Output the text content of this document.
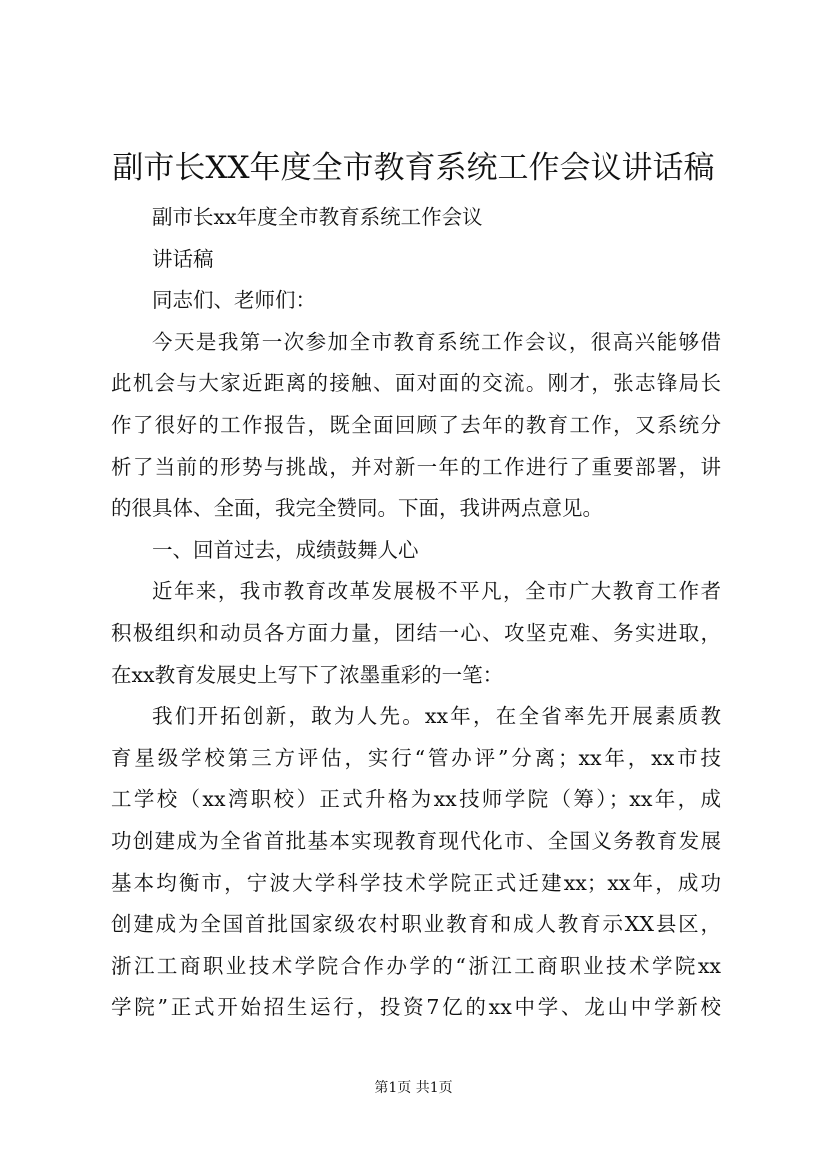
副市长XX年度全市教育系统工作会议讲话稿
副市长xx年度全市教育系统工作会议
讲话稿
同志们、老师们：
今天是我第一次参加全市教育系统工作会议，很高兴能够借
此机会与大家近距离的接触、面对面的交流。刚才，张志锋局长
作了很好的工作报告，既全面回顾了去年的教育工作，又系统分
析了当前的形势与挑战，并对新一年的工作进行了重要部署，讲
的很具体、全面，我完全赞同。下面，我讲两点意见。
一、回首过去，成绩鼓舞人心
近年来，我市教育改革发展极不平凡，全市广大教育工作者
积极组织和动员各方面力量，团结一心、攻坚克难、务实进取，
在xx教育发展史上写下了浓墨重彩的一笔：
我们开拓创新，敢为人先。xx年，在全省率先开展素质教
育星级学校第三方评估，实行“管办评”分离；xx年，xx市技
工学校（xx湾职校）正式升格为xx技师学院（筹）；xx年，成
功创建成为全省首批基本实现教育现代化市、全国义务教育发展
基本均衡市，宁波大学科学技术学院正式迁建xx；xx年，成功
创建成为全国首批国家级农村职业教育和成人教育示XX县区，
浙江工商职业技术学院合作办学的“浙江工商职业技术学院xx
学院”正式开始招生运行，投资7亿的xx中学、龙山中学新校
第1页 共1页
